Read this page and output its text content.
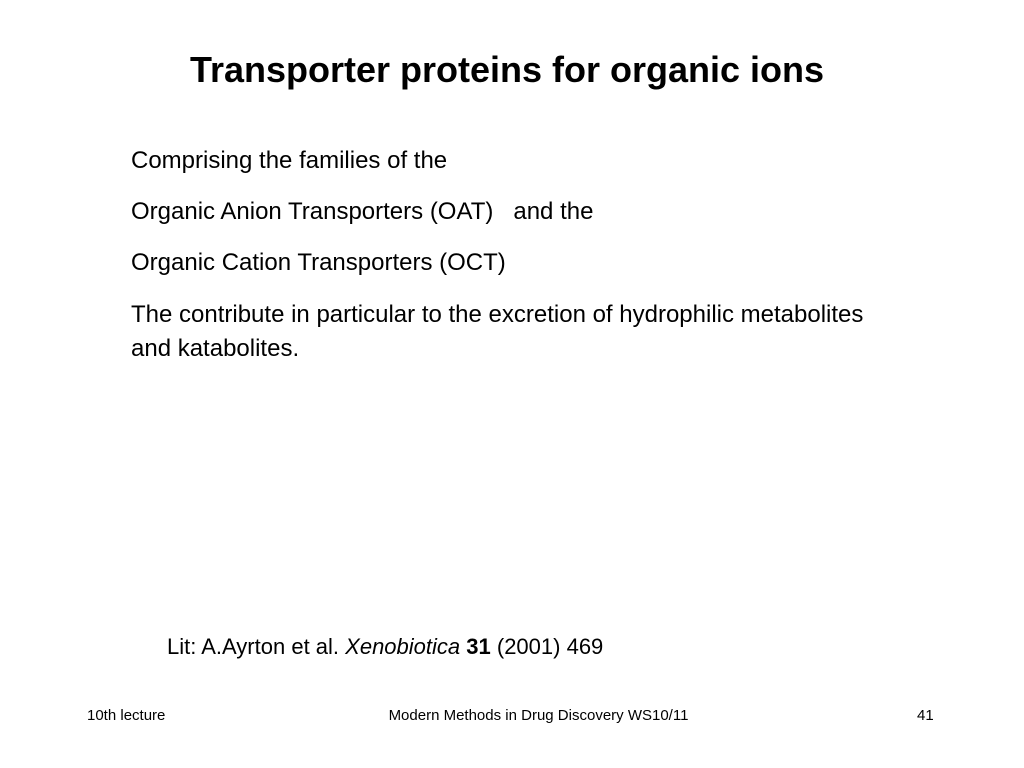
Transporter proteins for organic ions

Comprising the families of the

Organic Anion Transporters (OAT)   and the

Organic Cation Transporters (OCT)

The contribute in particular to the excretion of hydrophilic metabolites and katabolites.

Lit: A.Ayrton et al. Xenobiotica 31 (2001) 469
10th lecture	Modern Methods in Drug Discovery WS10/11	41
